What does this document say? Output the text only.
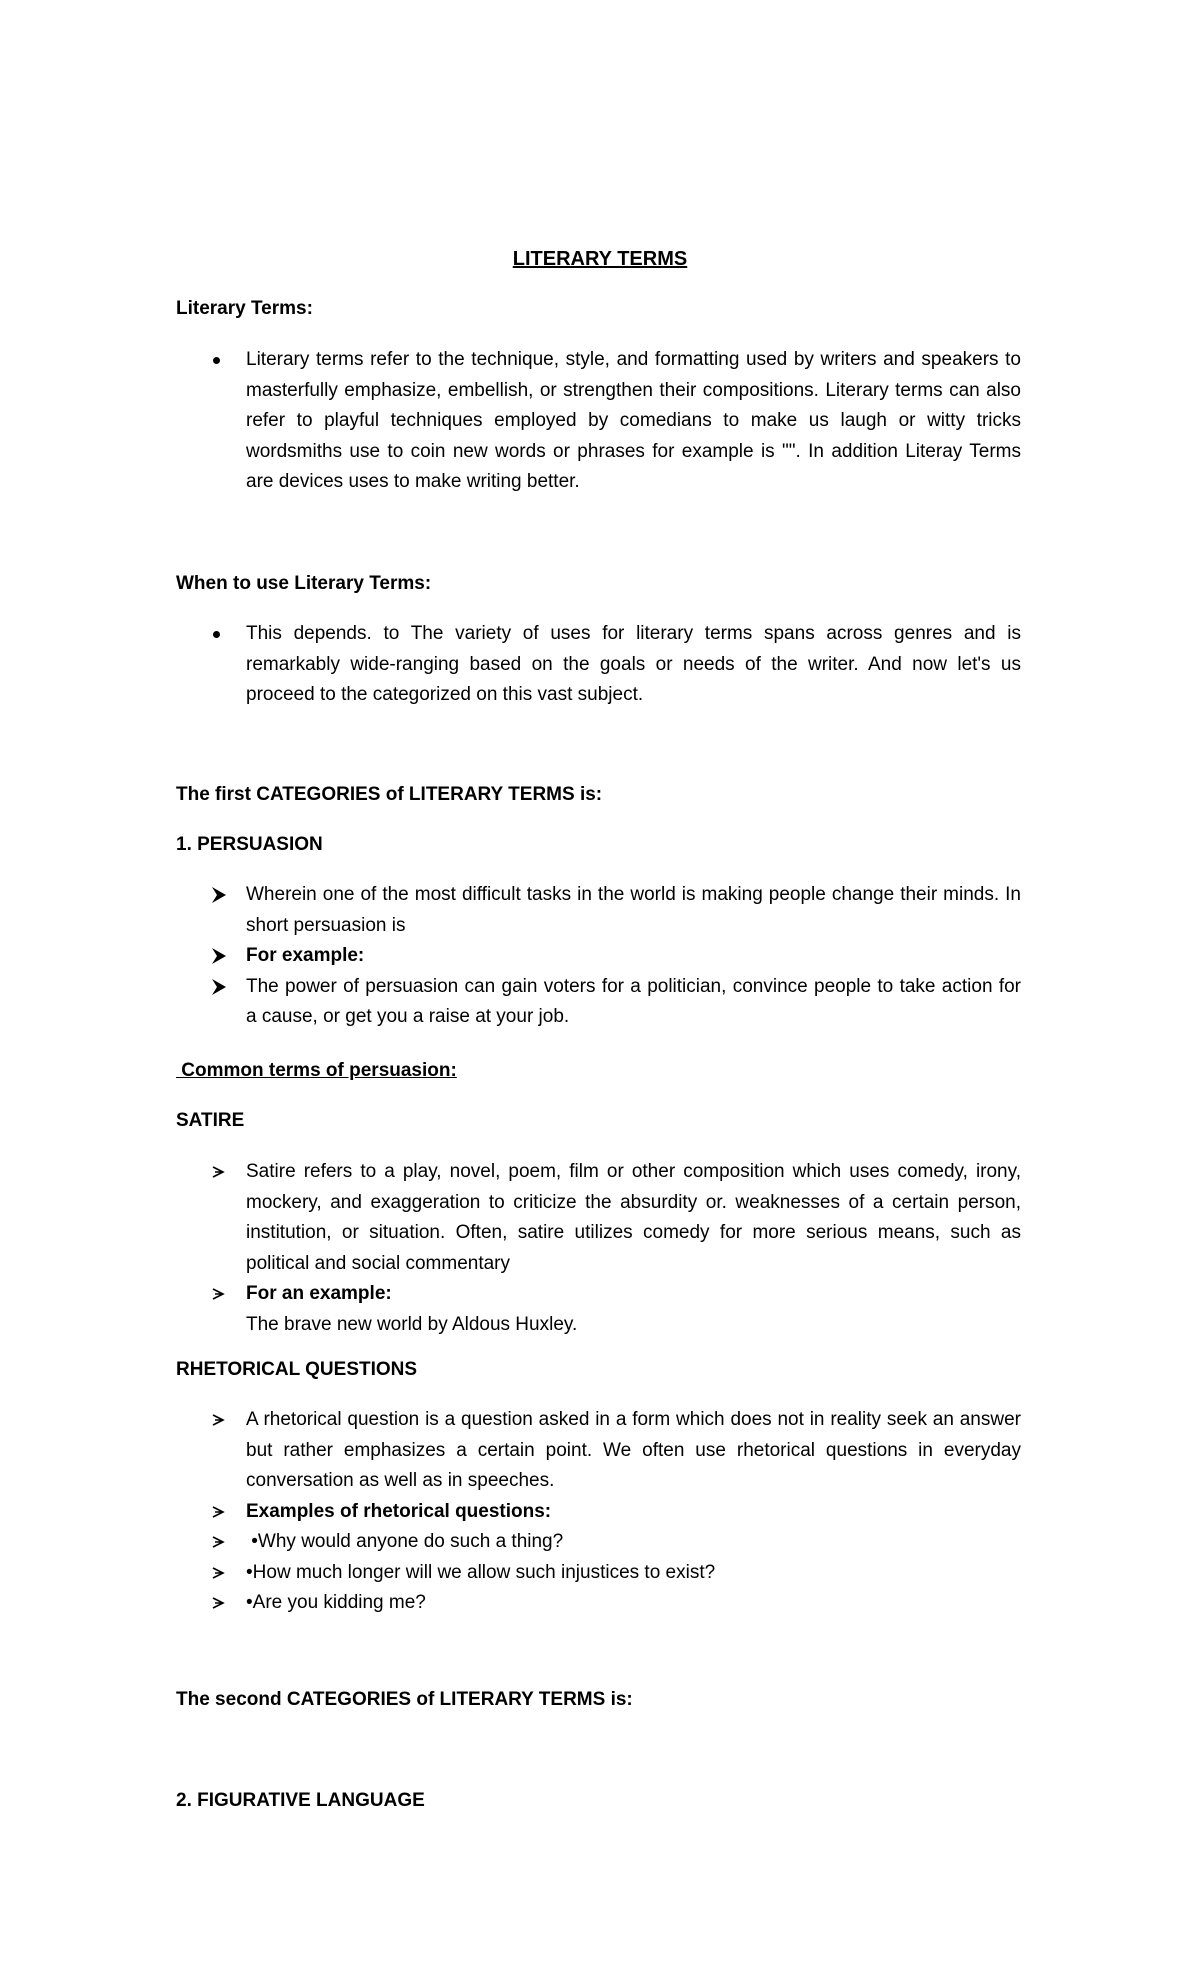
LITERARY TERMS
Literary Terms:

Literary terms refer to the technique, style, and formatting used by writers and speakers to masterfully emphasize, embellish, or strengthen their compositions. Literary terms can also refer to playful techniques employed by comedians to make us laugh or witty tricks wordsmiths use to coin new words or phrases for example is "". In addition Literay Terms are devices uses to make writing better.

When to use Literary Terms:

This depends. to The variety of uses for literary terms spans across genres and is remarkably wide-ranging based on the goals or needs of the writer. And now let's us proceed to the categorized on this vast subject.

The first CATEGORIES of LITERARY TERMS is:
1. PERSUASION

Wherein one of the most difficult tasks in the world is making people change their minds. In short persuasion is

For example:

The power of persuasion can gain voters for a politician, convince people to take action for a cause, or get you a raise at your job.

Common terms of persuasion:
SATIRE

Satire refers to a play, novel, poem, film or other composition which uses comedy, irony, mockery, and exaggeration to criticize the absurdity or. weaknesses of a certain person, institution, or situation. Often, satire utilizes comedy for more serious means, such as political and social commentary

For an example:

The brave new world by Aldous Huxley.

RHETORICAL QUESTIONS

A rhetorical question is a question asked in a form which does not in reality seek an answer but rather emphasizes a certain point. We often use rhetorical questions in everyday conversation as well as in speeches.

Examples of rhetorical questions:

•Why would anyone do such a thing?

•How much longer will we allow such injustices to exist?

•Are you kidding me?

The second CATEGORIES of LITERARY TERMS is:
2. FIGURATIVE LANGUAGE
